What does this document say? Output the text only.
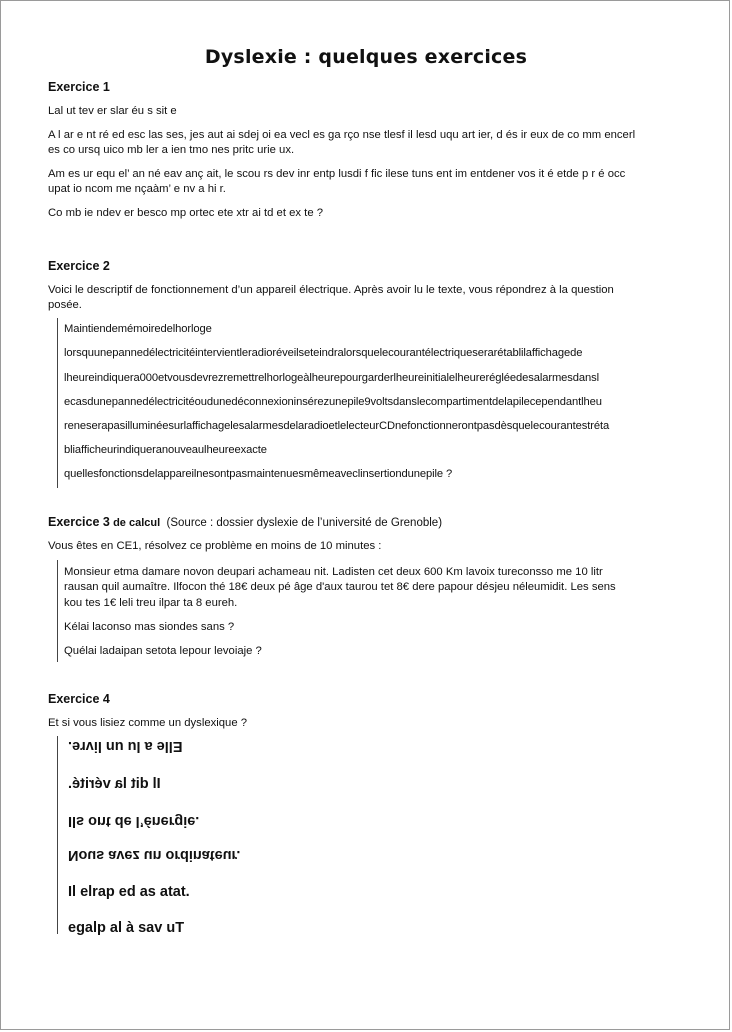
Dyslexie : quelques exercices
Exercice 1
Lal ut tev er slar éu s sit e
A l ar e nt ré ed esc las ses, jes aut ai sdej oi ea vecl es ga rço nse tlesf il lesd uqu art ier, d és ir eux de co mm encerl
es co ursq uico mb ler a ien tmo nes pritc urie ux.
Am es ur equ el’ an né eav anç ait, le scou rs dev inr entp lusdi f fic ilese tuns ent im entdener vos it é etde p r é occ
upat io ncom me nçaàm’ e nv a hi r.
Co mb ie ndev er besco mp ortec ete xtr ai td et ex te ?
Exercice 2
Voici le descriptif de fonctionnement d’un appareil électrique. Après avoir lu le texte, vous répondrez à la question
posée.
Maintiendemémoiredelhorloge
lorsquunepannedélectricitéintervientleradioréveilseteindralorsquelecourantélectriqueserarétablilaffichagede
lheureindiquera000etvousdevrezremettrelhorlogeàlheurepourgarderlheureinitialelheurerégléedesalarmesdansl
ecasdunepannedélectricitéoudunedéconnexioninsérezunepile9voltsdanslecompartimentdelapilecependantlheu
reneserapasilluminéesurlaffichagelesalarmesdelaradioetlelecteurCDnefonctionnerontpasdèsquelecourantestréta
bliafficheurindiqueranouveaulheureexacte
quellesfonctionsdelappareilnesontpasmaintenuesmêmeaveclinsertiondunepile ?
Exercice 3 de calcul (Source : dossier dyslexie de l’université de Grenoble)
Vous êtes en CE1, résolvez ce problème en moins de 10 minutes :
Monsieur etma damare novon deupari achameau nit. Ladisten cet deux 600 Km lavoix tureconsso me 10 litr
rausan quil aumaître. Ilfocon thé 18€ deux pé âge d'aux taurou tet 8€ dere papour désjeu néleumidit. Les sens
kou tes 1€ leli treu ilpar ta 8 eureh.
Kélai laconso mas siondes sans ?
Quélai ladaipan setota lepour levoiaje ?
Exercice 4
Et si vous lisiez comme un dyslexique ?
Elle a lu un livre.
Il dit la vérité.
Ils ont de l’énergie.
Nous avez un ordinateur.
Il elrap ed as atat.
egalp al à sav uT
